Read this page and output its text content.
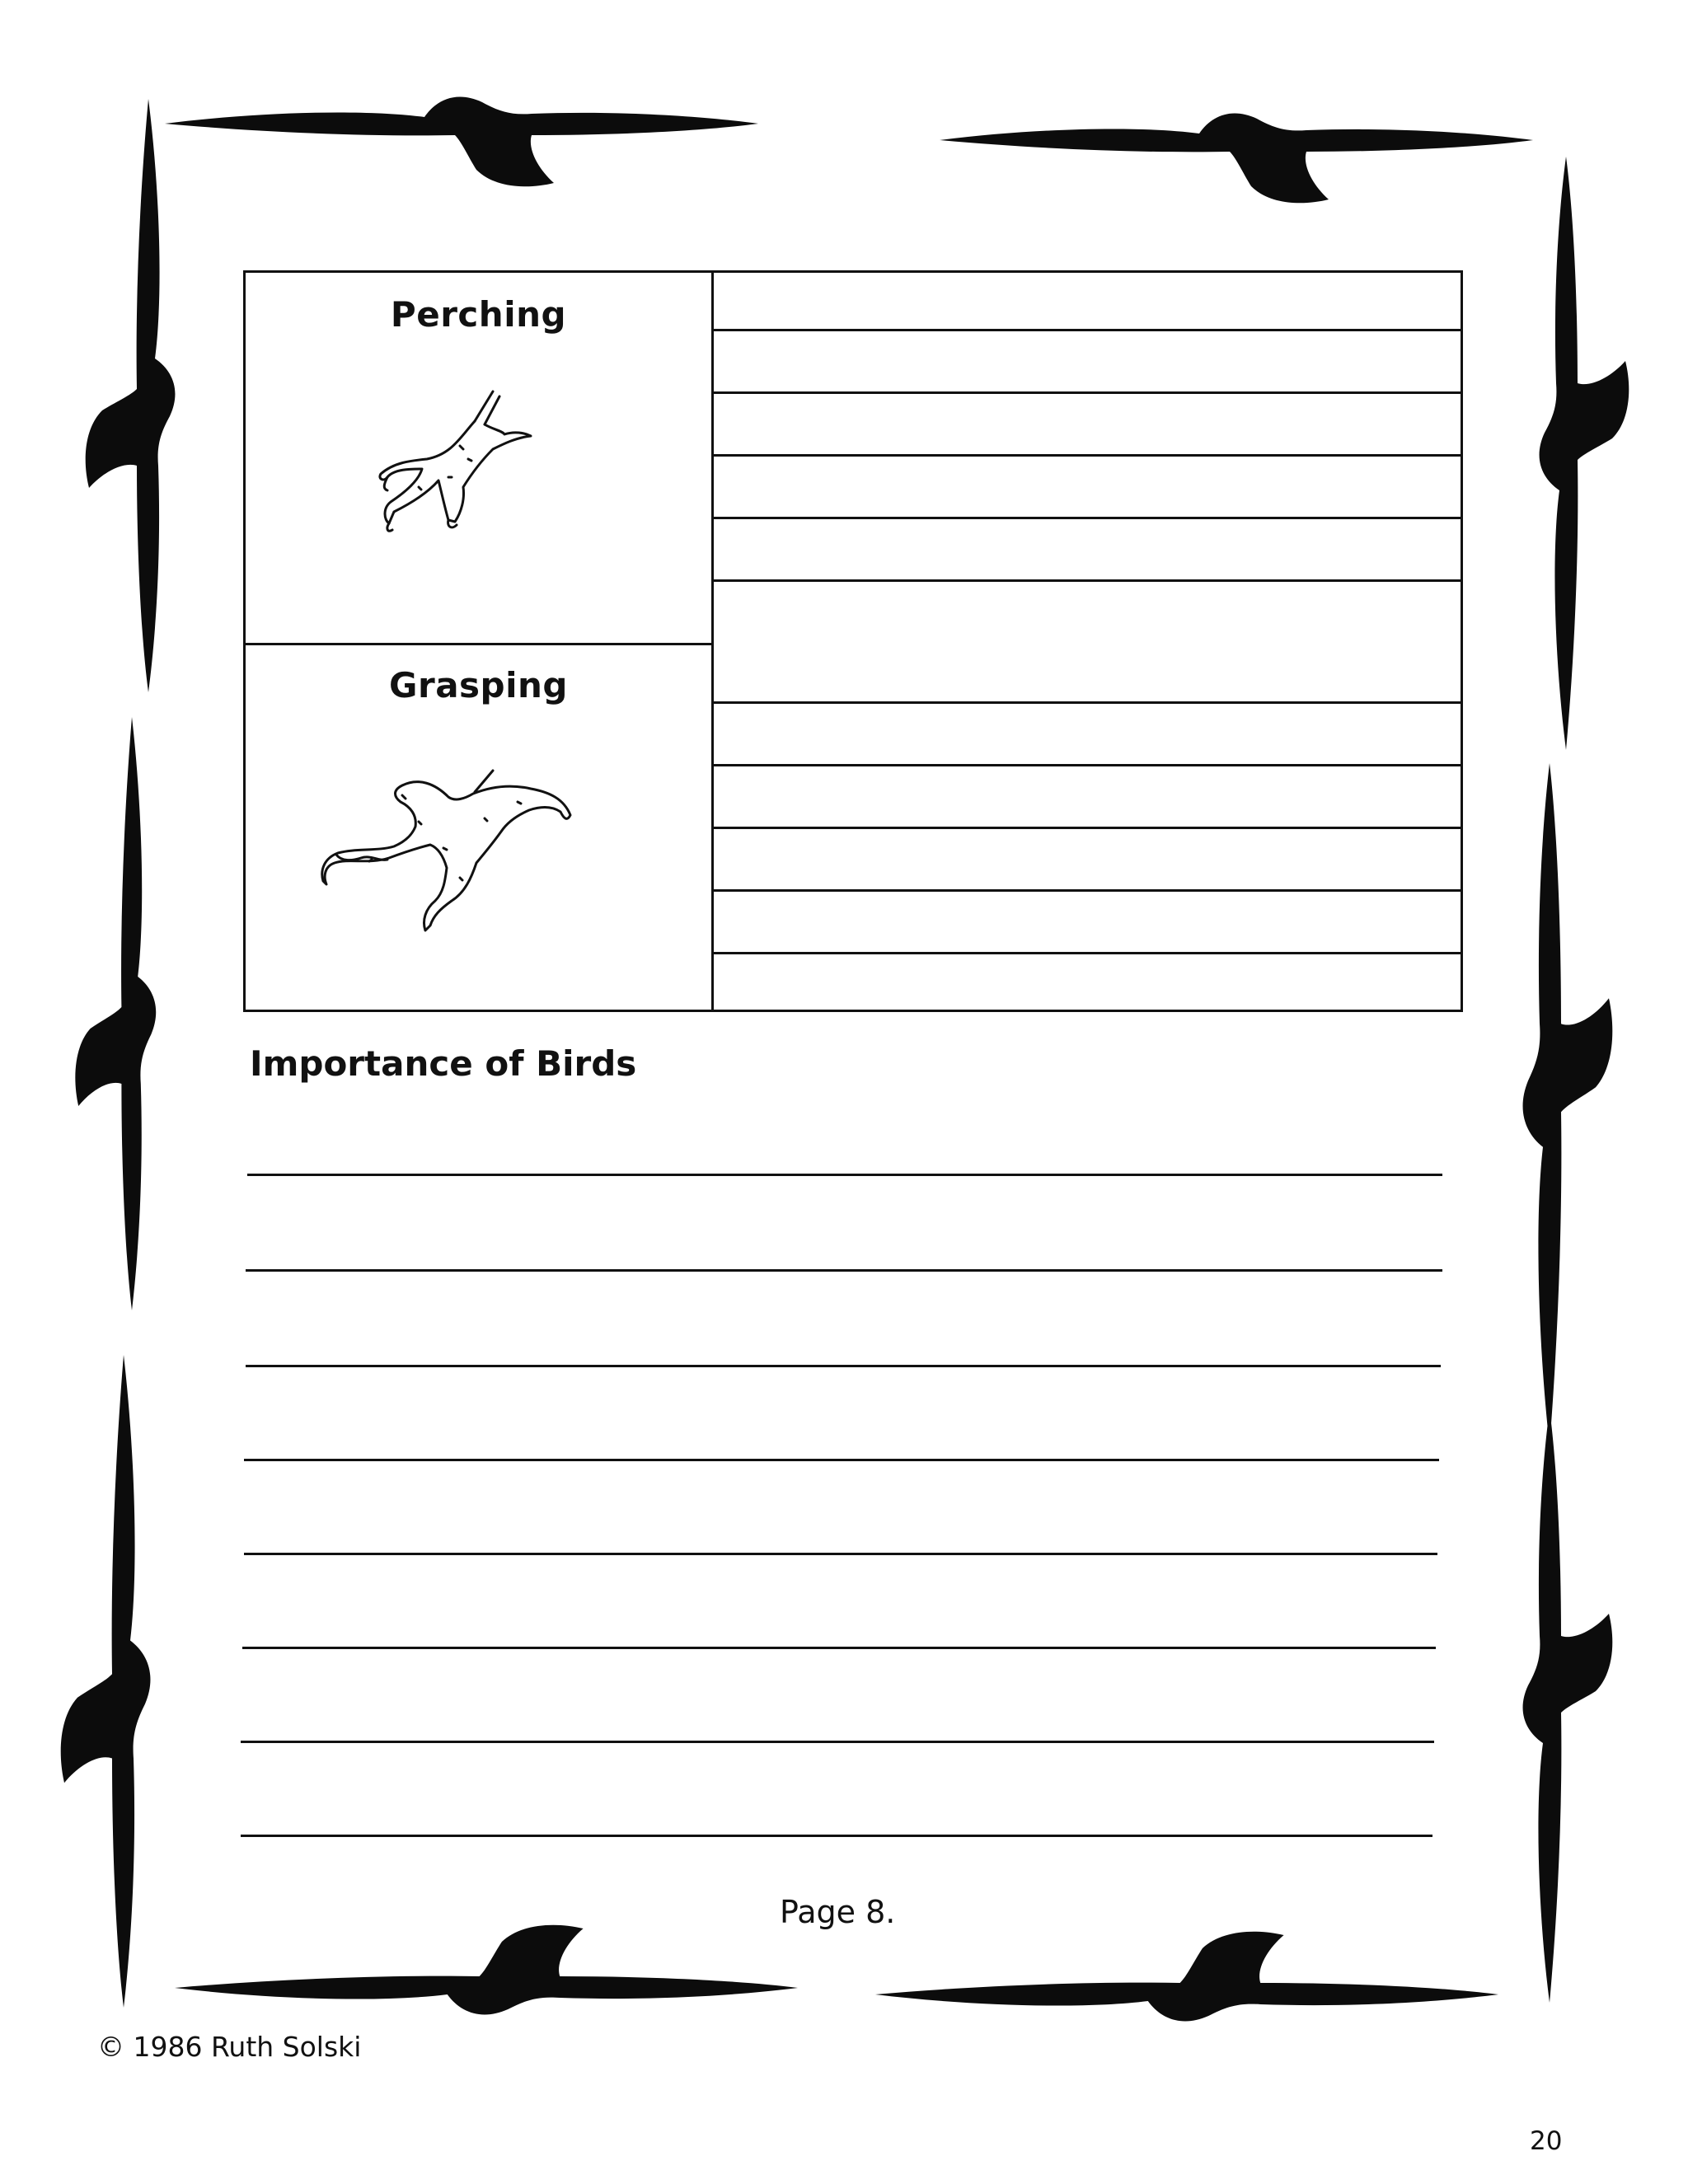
Perching
Grasping
Importance of Birds
Page 8.
© 1986 Ruth Solski
20
